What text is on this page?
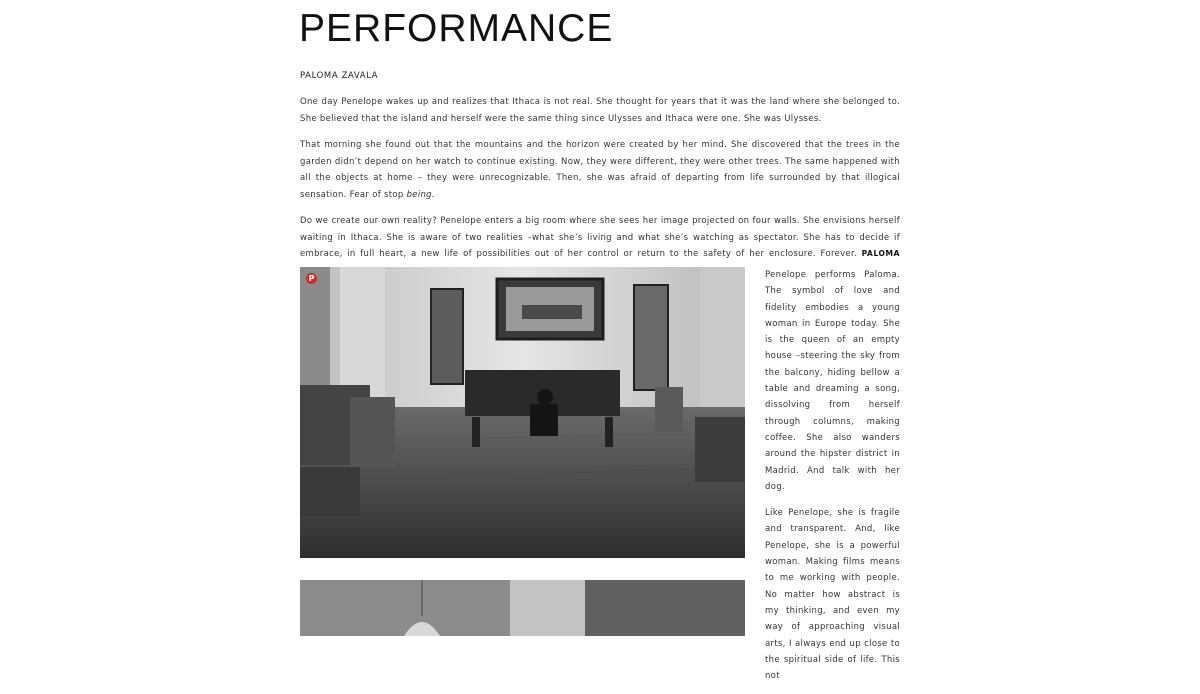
PERFORMANCE

PALOMA ZAVALA

One day Penelope wakes up and realizes that Ithaca is not real. She thought for years that it was the land where she belonged to. She believed that the island and herself were the same thing since Ulysses and Ithaca were one. She was Ulysses.

That morning she found out that the mountains and the horizon were created by her mind. She discovered that the trees in the garden didn’t depend on her watch to continue existing. Now, they were different, they were other trees. The same happened with all the objects at home – they were unrecognizable. Then, she was afraid of departing from life surrounded by that illogical sensation. Fear of stop being.

Do we create our own reality? Penelope enters a big room where she sees her image projected on four walls. She envisions herself waiting in Ithaca. She is aware of two realities –what she’s living and what she’s watching as spectator. She has to decide if embrace, in full heart, a new life of possibilities out of her control or return to the safety of her enclosure. Forever. PALOMA

P	Penelope performs Paloma. The symbol of love and fidelity embodies a young woman in Europe today. She is the queen of an empty house –steering the sky from the balcony, hiding bellow a table and dreaming a song, dissolving from herself through columns, making coffee. She also wanders around the hipster district in Madrid. And talk with her dog.

Like Penelope, she is fragile and transparent. And, like Penelope, she is a powerful woman. Making films means to me working with people. No matter how abstract is my thinking, and even my way of approaching visual arts, I always end up close to the spiritual side of life. This not
